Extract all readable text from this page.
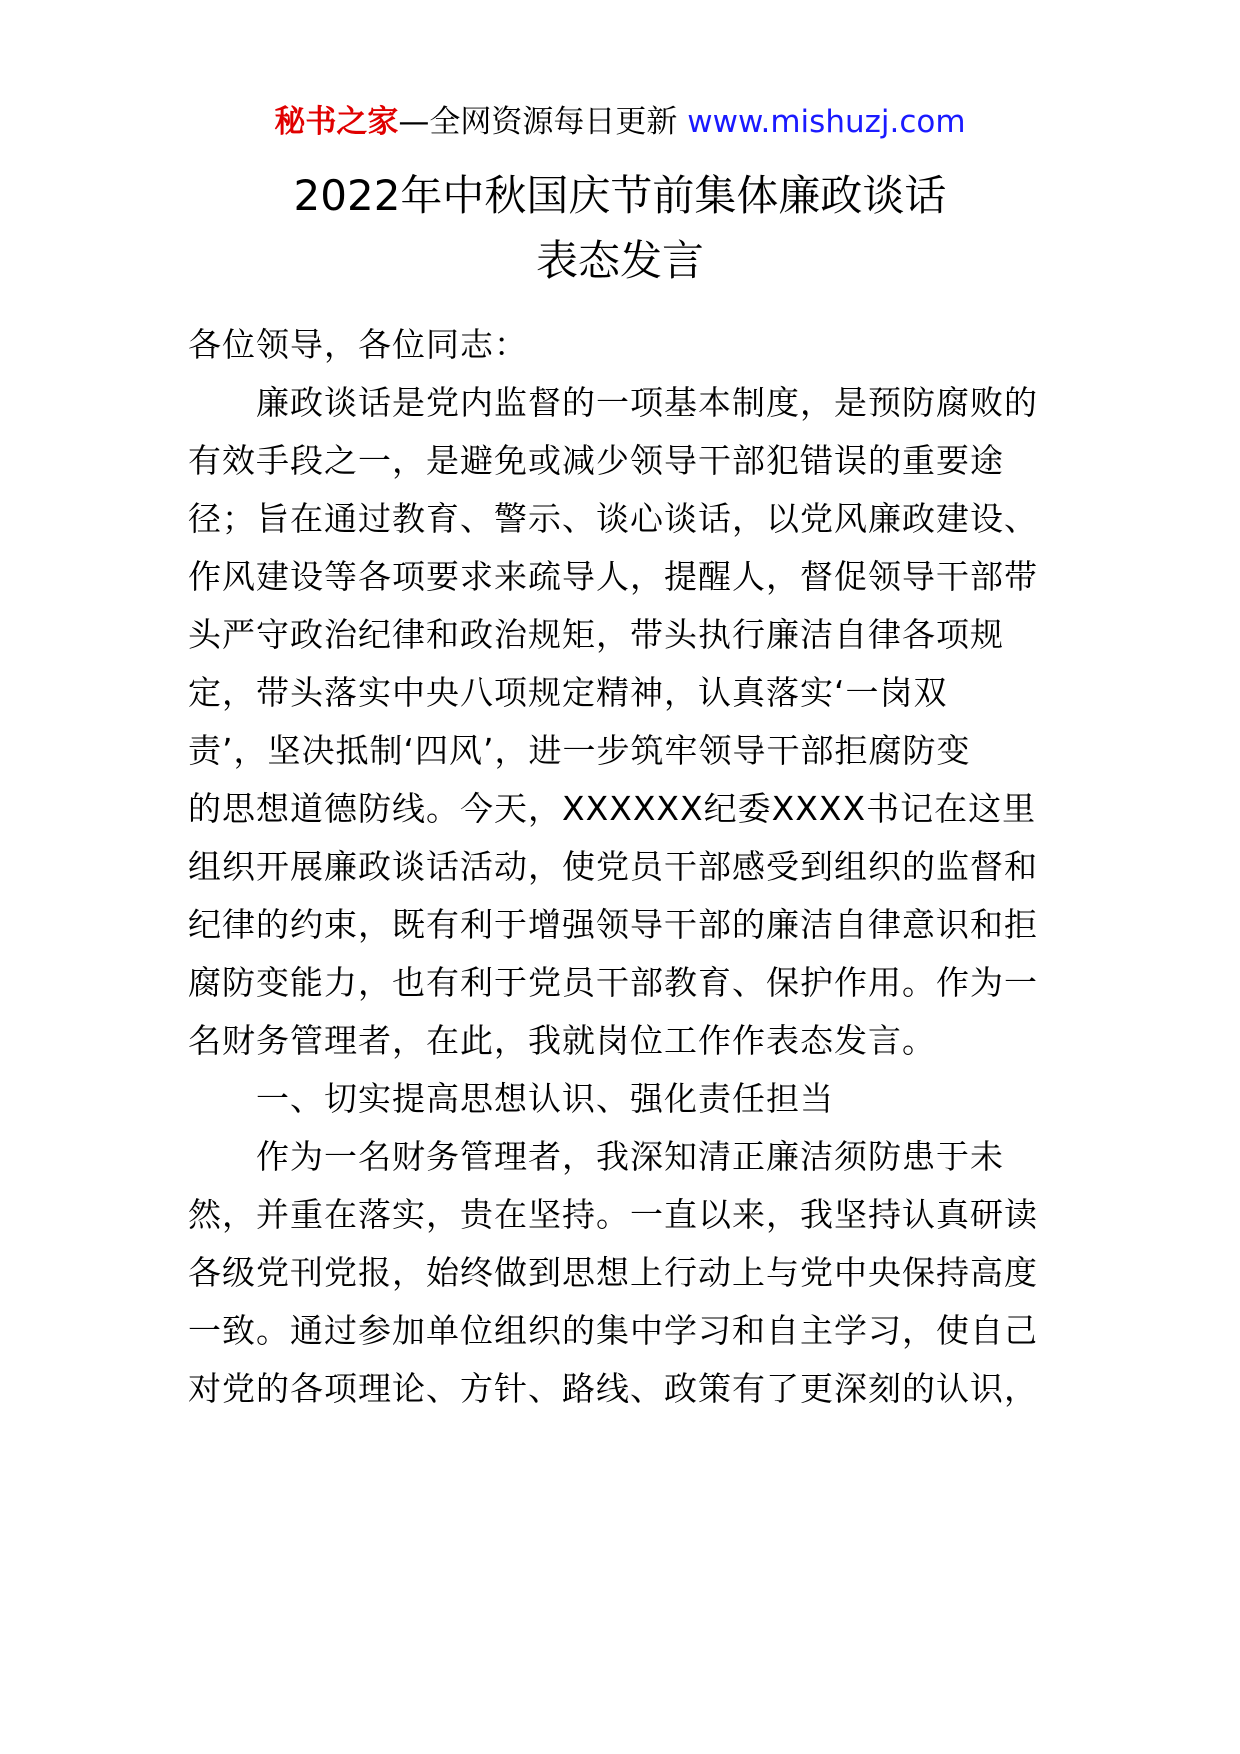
秘书之家—全网资源每日更新 www.mishuzj.com
2022年中秋国庆节前集体廉政谈话
表态发言
各位领导，各位同志：
廉政谈话是党内监督的一项基本制度，是预防腐败的
有效手段之一，是避免或减少领导干部犯错误的重要途
径；旨在通过教育、警示、谈心谈话，以党风廉政建设、
作风建设等各项要求来疏导人，提醒人，督促领导干部带
头严守政治纪律和政治规矩，带头执行廉洁自律各项规
定，带头落实中央八项规定精神，认真落实‘一岗双
责’，坚决抵制‘四风’，进一步筑牢领导干部拒腐防变
的思想道德防线。今天，XXXXXX纪委XXXX书记在这里
组织开展廉政谈话活动，使党员干部感受到组织的监督和
纪律的约束，既有利于增强领导干部的廉洁自律意识和拒
腐防变能力，也有利于党员干部教育、保护作用。作为一
名财务管理者，在此，我就岗位工作作表态发言。
一、切实提高思想认识、强化责任担当
作为一名财务管理者，我深知清正廉洁须防患于未
然，并重在落实，贵在坚持。一直以来，我坚持认真研读
各级党刊党报，始终做到思想上行动上与党中央保持高度
一致。通过参加单位组织的集中学习和自主学习，使自己
对党的各项理论、方针、路线、政策有了更深刻的认识，
